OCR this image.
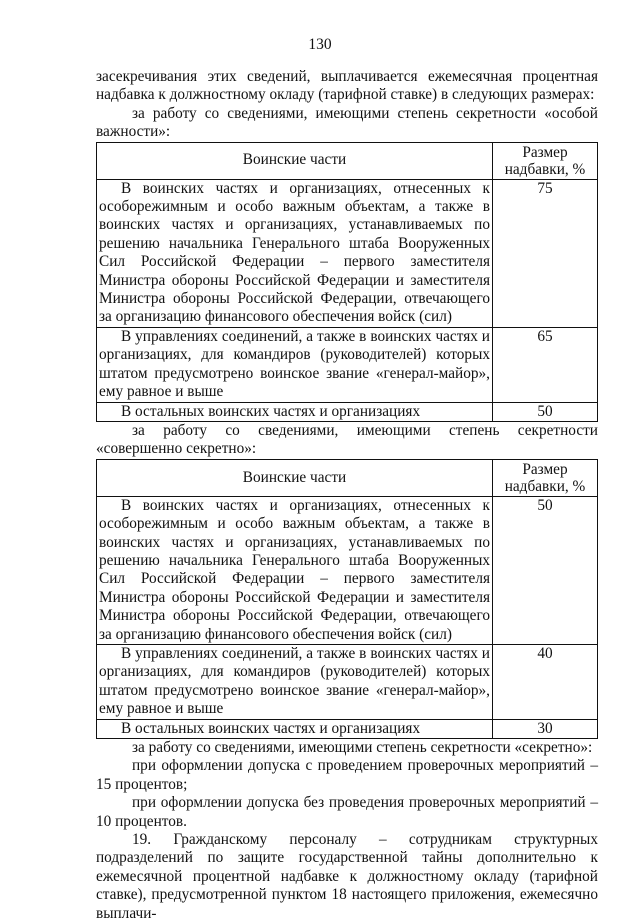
130

засекречивания этих сведений, выплачивается ежемесячная процентная надбавка к должностному окладу (тарифной ставке) в следующих размерах:

за работу со сведениями, имеющими степень секретности «особой важности»:

Воинские части	Размер надбавки, %
В воинских частях и организациях, отнесенных к особорежимным и особо важным объектам, а также в воинских частях и организациях, устанавливаемых по решению начальника Генерального штаба Вооруженных Сил Российской Федерации – первого заместителя Министра обороны Российской Федерации и заместителя Министра обороны Российской Федерации, отвечающего за организацию финансового обеспечения войск (сил)	75
В управлениях соединений, а также в воинских частях и организациях, для командиров (руководителей) которых штатом предусмотрено воинское звание «генерал-майор», ему равное и выше	65
В остальных воинских частях и организациях	50

за работу со сведениями, имеющими степень секретности «совершенно секретно»:

Воинские части	Размер надбавки, %
В воинских частях и организациях, отнесенных к особорежимным и особо важным объектам, а также в воинских частях и организациях, устанавливаемых по решению начальника Генерального штаба Вооруженных Сил Российской Федерации – первого заместителя Министра обороны Российской Федерации и заместителя Министра обороны Российской Федерации, отвечающего за организацию финансового обеспечения войск (сил)	50
В управлениях соединений, а также в воинских частях и организациях, для командиров (руководителей) которых штатом предусмотрено воинское звание «генерал-майор», ему равное и выше	40
В остальных воинских частях и организациях	30

за работу со сведениями, имеющими степень секретности «секретно»:

при оформлении допуска с проведением проверочных мероприятий – 15 процентов;

при оформлении допуска без проведения проверочных мероприятий – 10 процентов.

19. Гражданскому персоналу – сотрудникам структурных подразделений по защите государственной тайны дополнительно к ежемесячной процентной надбавке к должностному окладу (тарифной ставке), предусмотренной пунктом 18 настоящего приложения, ежемесячно выплачи-
